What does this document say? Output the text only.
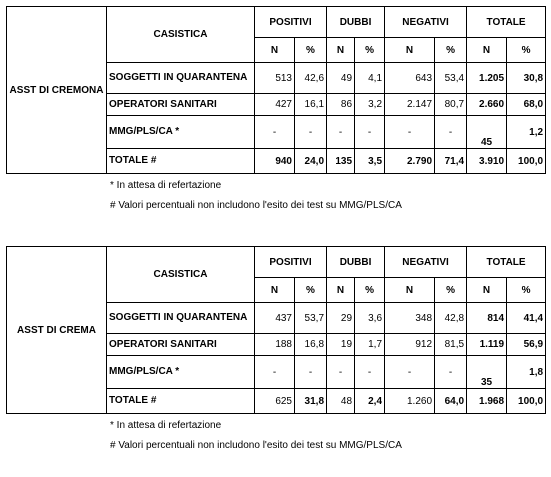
ASST DI CREMONA	CASISTICA	POSITIVI		DUBBI		NEGATIVI		TOTALE	
		N	%	N	%	N	%	N	%
	SOGGETTI IN QUARANTENA	513	42,6	49	4,1	643	53,4	1.205	30,8
	OPERATORI SANITARI	427	16,1	86	3,2	2.147	80,7	2.660	68,0
	MMG/PLS/CA *	-	-	-	-	-	-	45	1,2
	TOTALE #	940	24,0	135	3,5	2.790	71,4	3.910	100,0
* In attesa di refertazione
# Valori percentuali non includono l'esito dei test su MMG/PLS/CA
ASST DI CREMA	CASISTICA	POSITIVI		DUBBI		NEGATIVI		TOTALE	
		N	%	N	%	N	%	N	%
	SOGGETTI IN QUARANTENA	437	53,7	29	3,6	348	42,8	814	41,4
	OPERATORI SANITARI	188	16,8	19	1,7	912	81,5	1.119	56,9
	MMG/PLS/CA *	-	-	-	-	-	-	35	1,8
	TOTALE #	625	31,8	48	2,4	1.260	64,0	1.968	100,0
* In attesa di refertazione
# Valori percentuali non includono l'esito dei test su MMG/PLS/CA
